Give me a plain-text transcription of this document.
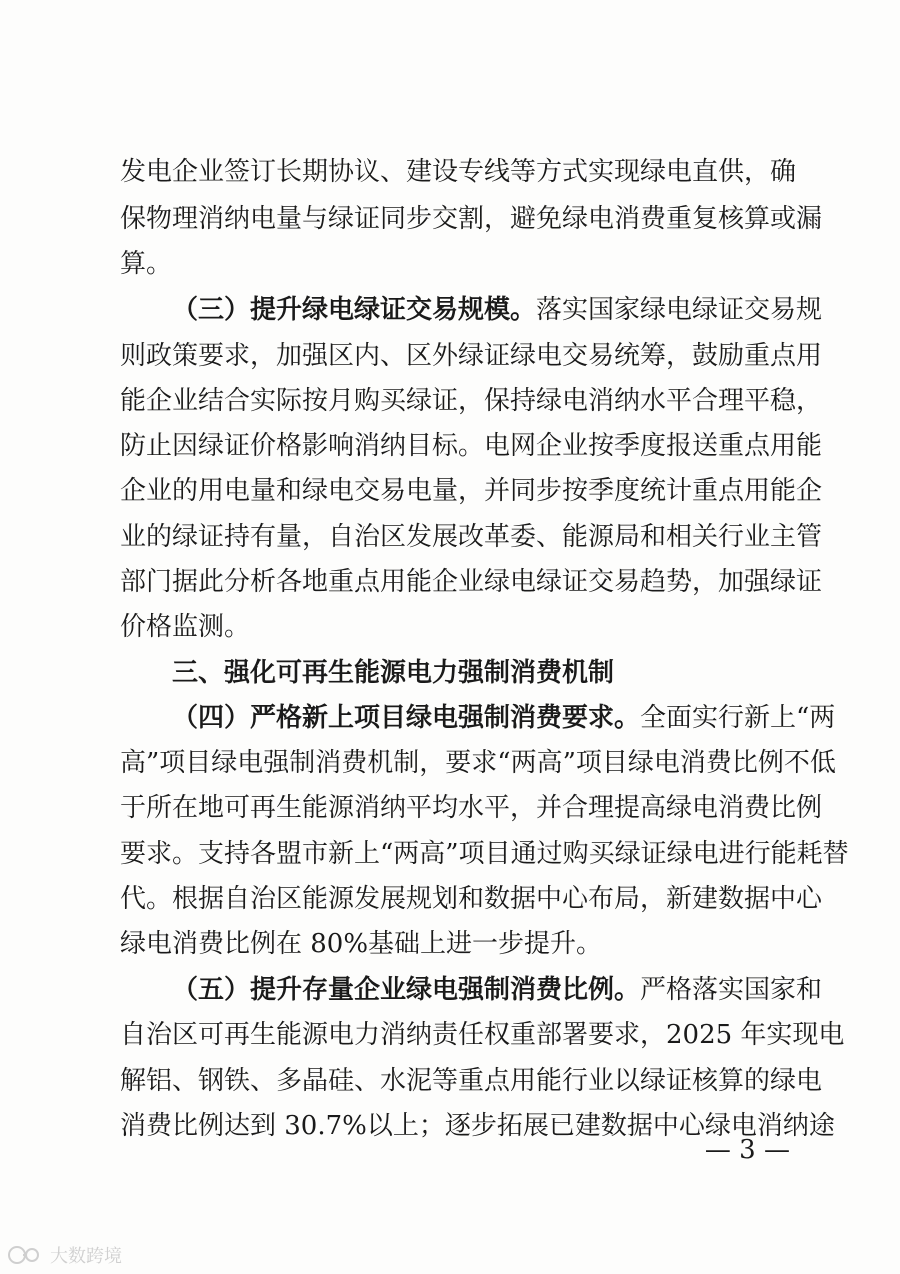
发电企业签订长期协议、建设专线等方式实现绿电直供，确
保物理消纳电量与绿证同步交割，避免绿电消费重复核算或漏
算。
（三）提升绿电绿证交易规模。落实国家绿电绿证交易规
则政策要求，加强区内、区外绿证绿电交易统筹，鼓励重点用
能企业结合实际按月购买绿证，保持绿电消纳水平合理平稳，
防止因绿证价格影响消纳目标。电网企业按季度报送重点用能
企业的用电量和绿电交易电量，并同步按季度统计重点用能企
业的绿证持有量，自治区发展改革委、能源局和相关行业主管
部门据此分析各地重点用能企业绿电绿证交易趋势，加强绿证
价格监测。
三、强化可再生能源电力强制消费机制
（四）严格新上项目绿电强制消费要求。全面实行新上“两
高”项目绿电强制消费机制，要求“两高”项目绿电消费比例不低
于所在地可再生能源消纳平均水平，并合理提高绿电消费比例
要求。支持各盟市新上“两高”项目通过购买绿证绿电进行能耗替
代。根据自治区能源发展规划和数据中心布局，新建数据中心
绿电消费比例在 80%基础上进一步提升。
（五）提升存量企业绿电强制消费比例。严格落实国家和
自治区可再生能源电力消纳责任权重部署要求，2025 年实现电
解铝、钢铁、多晶硅、水泥等重点用能行业以绿证核算的绿电
消费比例达到 30.7%以上；逐步拓展已建数据中心绿电消纳途
— 3 —
大数跨境
